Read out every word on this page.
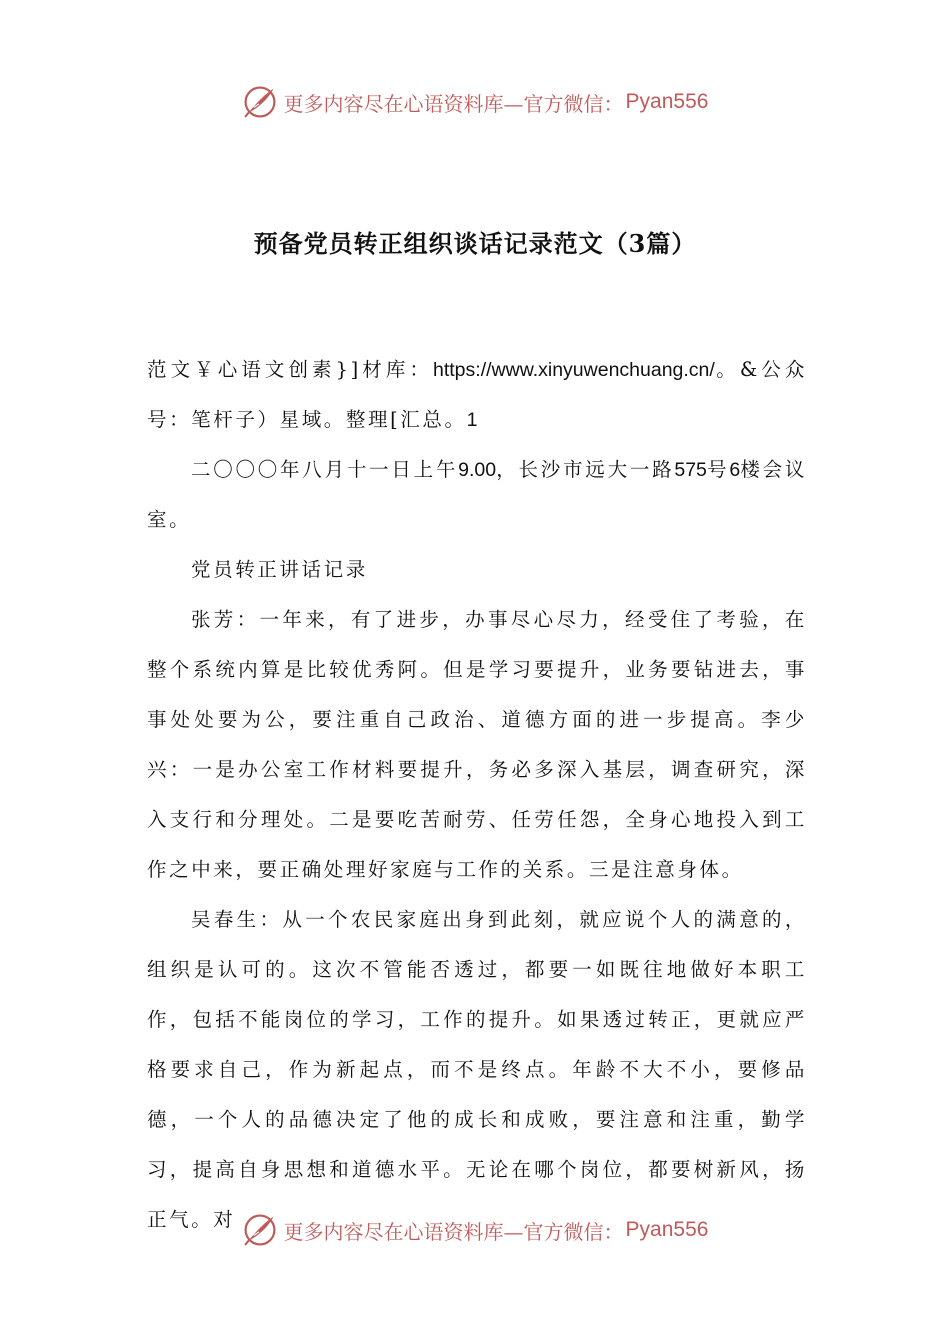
更多内容尽在心语资料库—官方微信： Pyan556
预备党员转正组织谈话记录范文（3篇）

范文￥心语文创素}]材库：https://www.xinyuwenchuang.cn/。&公众号：笔杆子）星域。整理[汇总。1

二〇〇〇年八月十一日上午9.00，长沙市远大一路575号6楼会议室。

党员转正讲话记录

张芳：一年来，有了进步，办事尽心尽力，经受住了考验，在整个系统内算是比较优秀阿。但是学习要提升，业务要钻进去，事事处处要为公，要注重自己政治、道德方面的进一步提高。李少兴：一是办公室工作材料要提升，务必多深入基层，调查研究，深入支行和分理处。二是要吃苦耐劳、任劳任怨，全身心地投入到工作之中来，要正确处理好家庭与工作的关系。三是注意身体。

吴春生：从一个农民家庭出身到此刻，就应说个人的满意的，组织是认可的。这次不管能否透过，都要一如既往地做好本职工作，包括不能岗位的学习，工作的提升。如果透过转正，更就应严格要求自己，作为新起点，而不是终点。年龄不大不小，要修品德，一个人的品德决定了他的成长和成败，要注意和注重，勤学习，提高自身思想和道德水平。无论在哪个岗位，都要树新风，扬正气。对	更多内容尽在心语资料库—官方微信： Pyan556
